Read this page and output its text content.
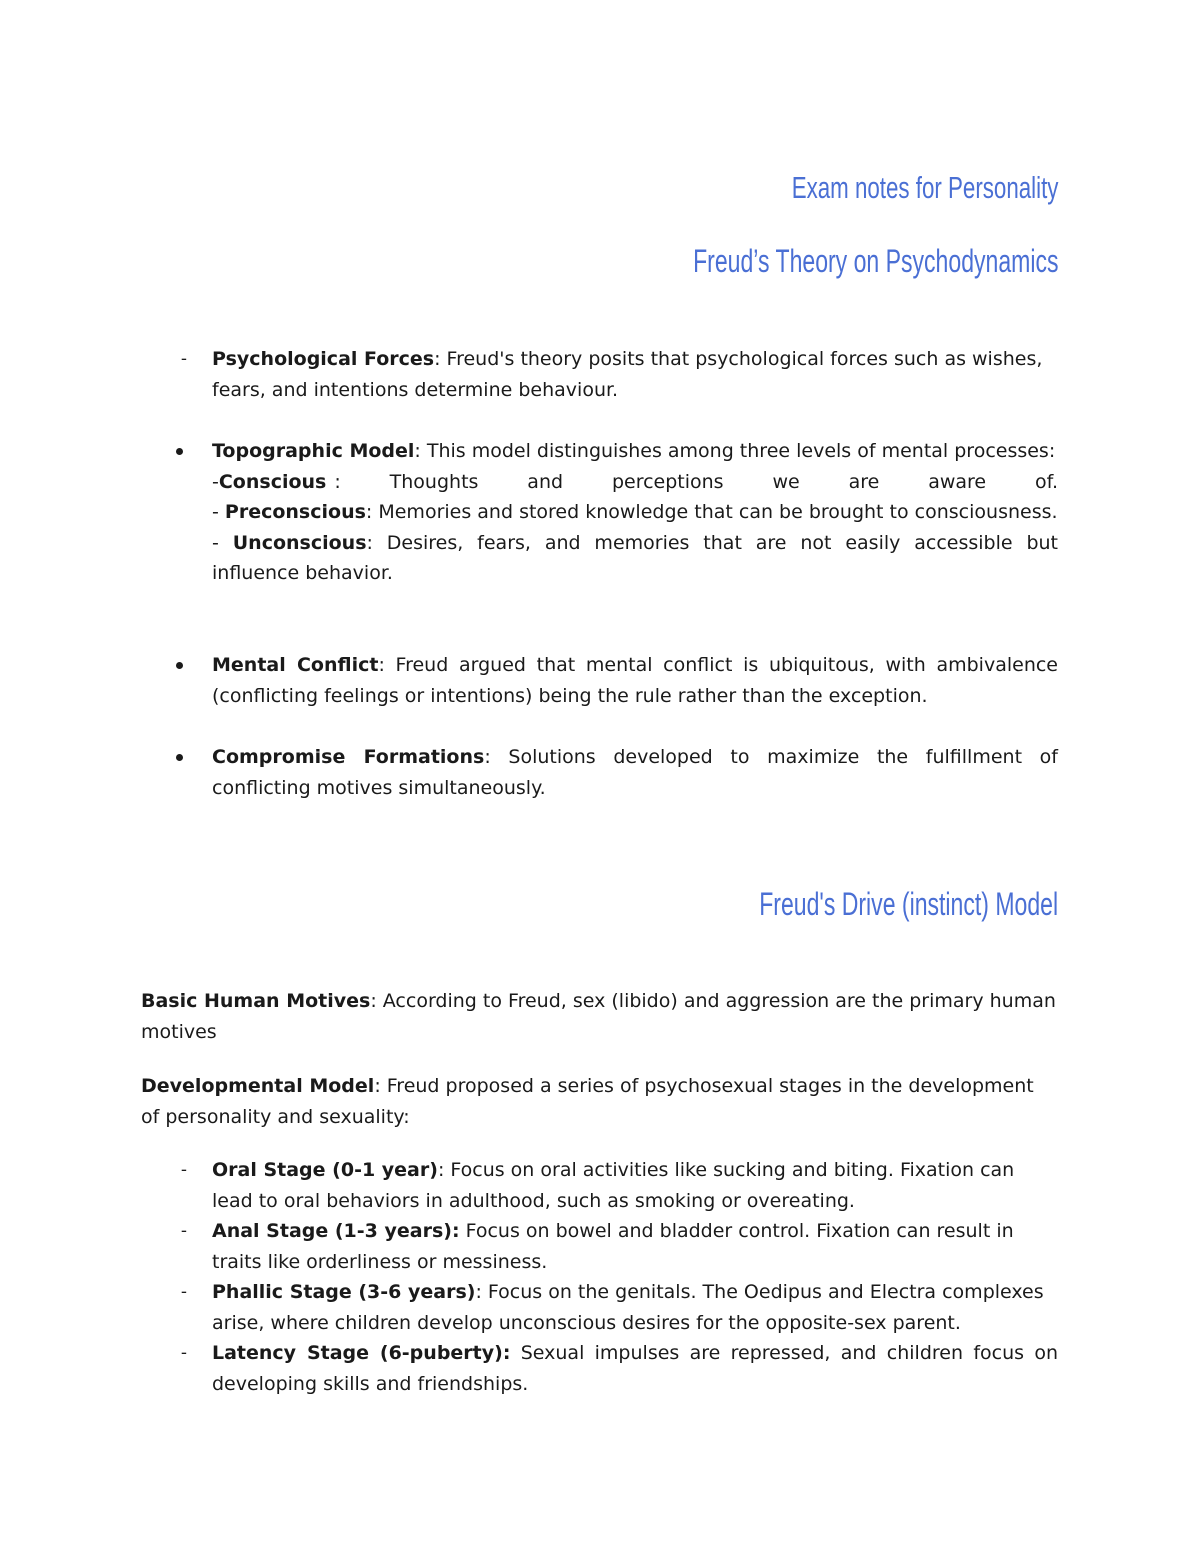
Exam notes for Personality
Freud’s Theory on Psychodynamics
-	Psychological Forces: Freud's theory posits that psychological forces such as wishes, fears, and intentions determine behaviour.
Topographic Model: This model distinguishes among three levels of mental processes:
- Conscious : Thoughts and perceptions we are aware of.
- Preconscious: Memories and stored knowledge that can be brought to consciousness.
- Unconscious: Desires, fears, and memories that are not easily accessible but influence behavior.
Mental Conflict: Freud argued that mental conflict is ubiquitous, with ambivalence (conflicting feelings or intentions) being the rule rather than the exception.
Compromise Formations: Solutions developed to maximize the fulfillment of conflicting motives simultaneously.
Freud's Drive (instinct) Model
Basic Human Motives: According to Freud, sex (libido) and aggression are the primary human motives
Developmental Model: Freud proposed a series of psychosexual stages in the development of personality and sexuality:
-	Oral Stage (0-1 year): Focus on oral activities like sucking and biting. Fixation can lead to oral behaviors in adulthood, such as smoking or overeating.
-	Anal Stage (1-3 years): Focus on bowel and bladder control. Fixation can result in traits like orderliness or messiness.
-	Phallic Stage (3-6 years): Focus on the genitals. The Oedipus and Electra complexes arise, where children develop unconscious desires for the opposite-sex parent.
-	Latency Stage (6-puberty): Sexual impulses are repressed, and children focus on developing skills and friendships.
